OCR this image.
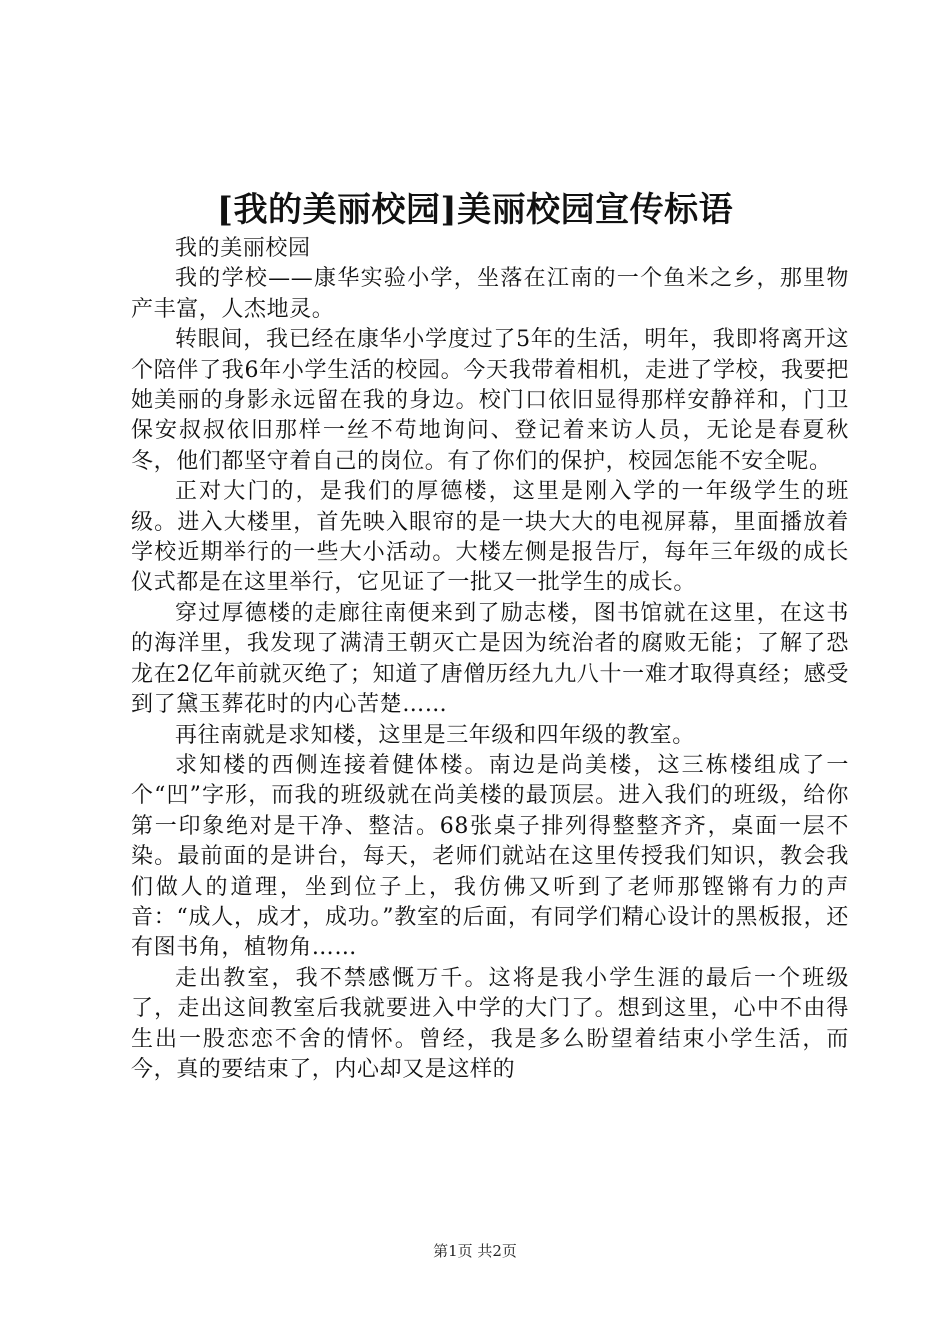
[我的美丽校园]美丽校园宣传标语

我的美丽校园

我的学校——康华实验小学，坐落在江南的一个鱼米之乡，那里物产丰富，人杰地灵。

转眼间，我已经在康华小学度过了5年的生活，明年，我即将离开这个陪伴了我6年小学生活的校园。今天我带着相机，走进了学校，我要把她美丽的身影永远留在我的身边。校门口依旧显得那样安静祥和，门卫保安叔叔依旧那样一丝不苟地询问、登记着来访人员，无论是春夏秋冬，他们都坚守着自己的岗位。有了你们的保护，校园怎能不安全呢。

正对大门的，是我们的厚德楼，这里是刚入学的一年级学生的班级。进入大楼里，首先映入眼帘的是一块大大的电视屏幕，里面播放着学校近期举行的一些大小活动。大楼左侧是报告厅，每年三年级的成长仪式都是在这里举行，它见证了一批又一批学生的成长。

穿过厚德楼的走廊往南便来到了励志楼，图书馆就在这里，在这书的海洋里，我发现了满清王朝灭亡是因为统治者的腐败无能；了解了恐龙在2亿年前就灭绝了；知道了唐僧历经九九八十一难才取得真经；感受到了黛玉葬花时的内心苦楚……

再往南就是求知楼，这里是三年级和四年级的教室。

求知楼的西侧连接着健体楼。南边是尚美楼，这三栋楼组成了一个“凹”字形，而我的班级就在尚美楼的最顶层。进入我们的班级，给你第一印象绝对是干净、整洁。68张桌子排列得整整齐齐，桌面一层不染。最前面的是讲台，每天，老师们就站在这里传授我们知识，教会我们做人的道理，坐到位子上，我仿佛又听到了老师那铿锵有力的声音：“成人，成才，成功。”教室的后面，有同学们精心设计的黑板报，还有图书角，植物角……

走出教室，我不禁感慨万千。这将是我小学生涯的最后一个班级了，走出这间教室后我就要进入中学的大门了。想到这里，心中不由得生出一股恋恋不舍的情怀。曾经，我是多么盼望着结束小学生活，而今，真的要结束了，内心却又是这样的

第1页 共2页
